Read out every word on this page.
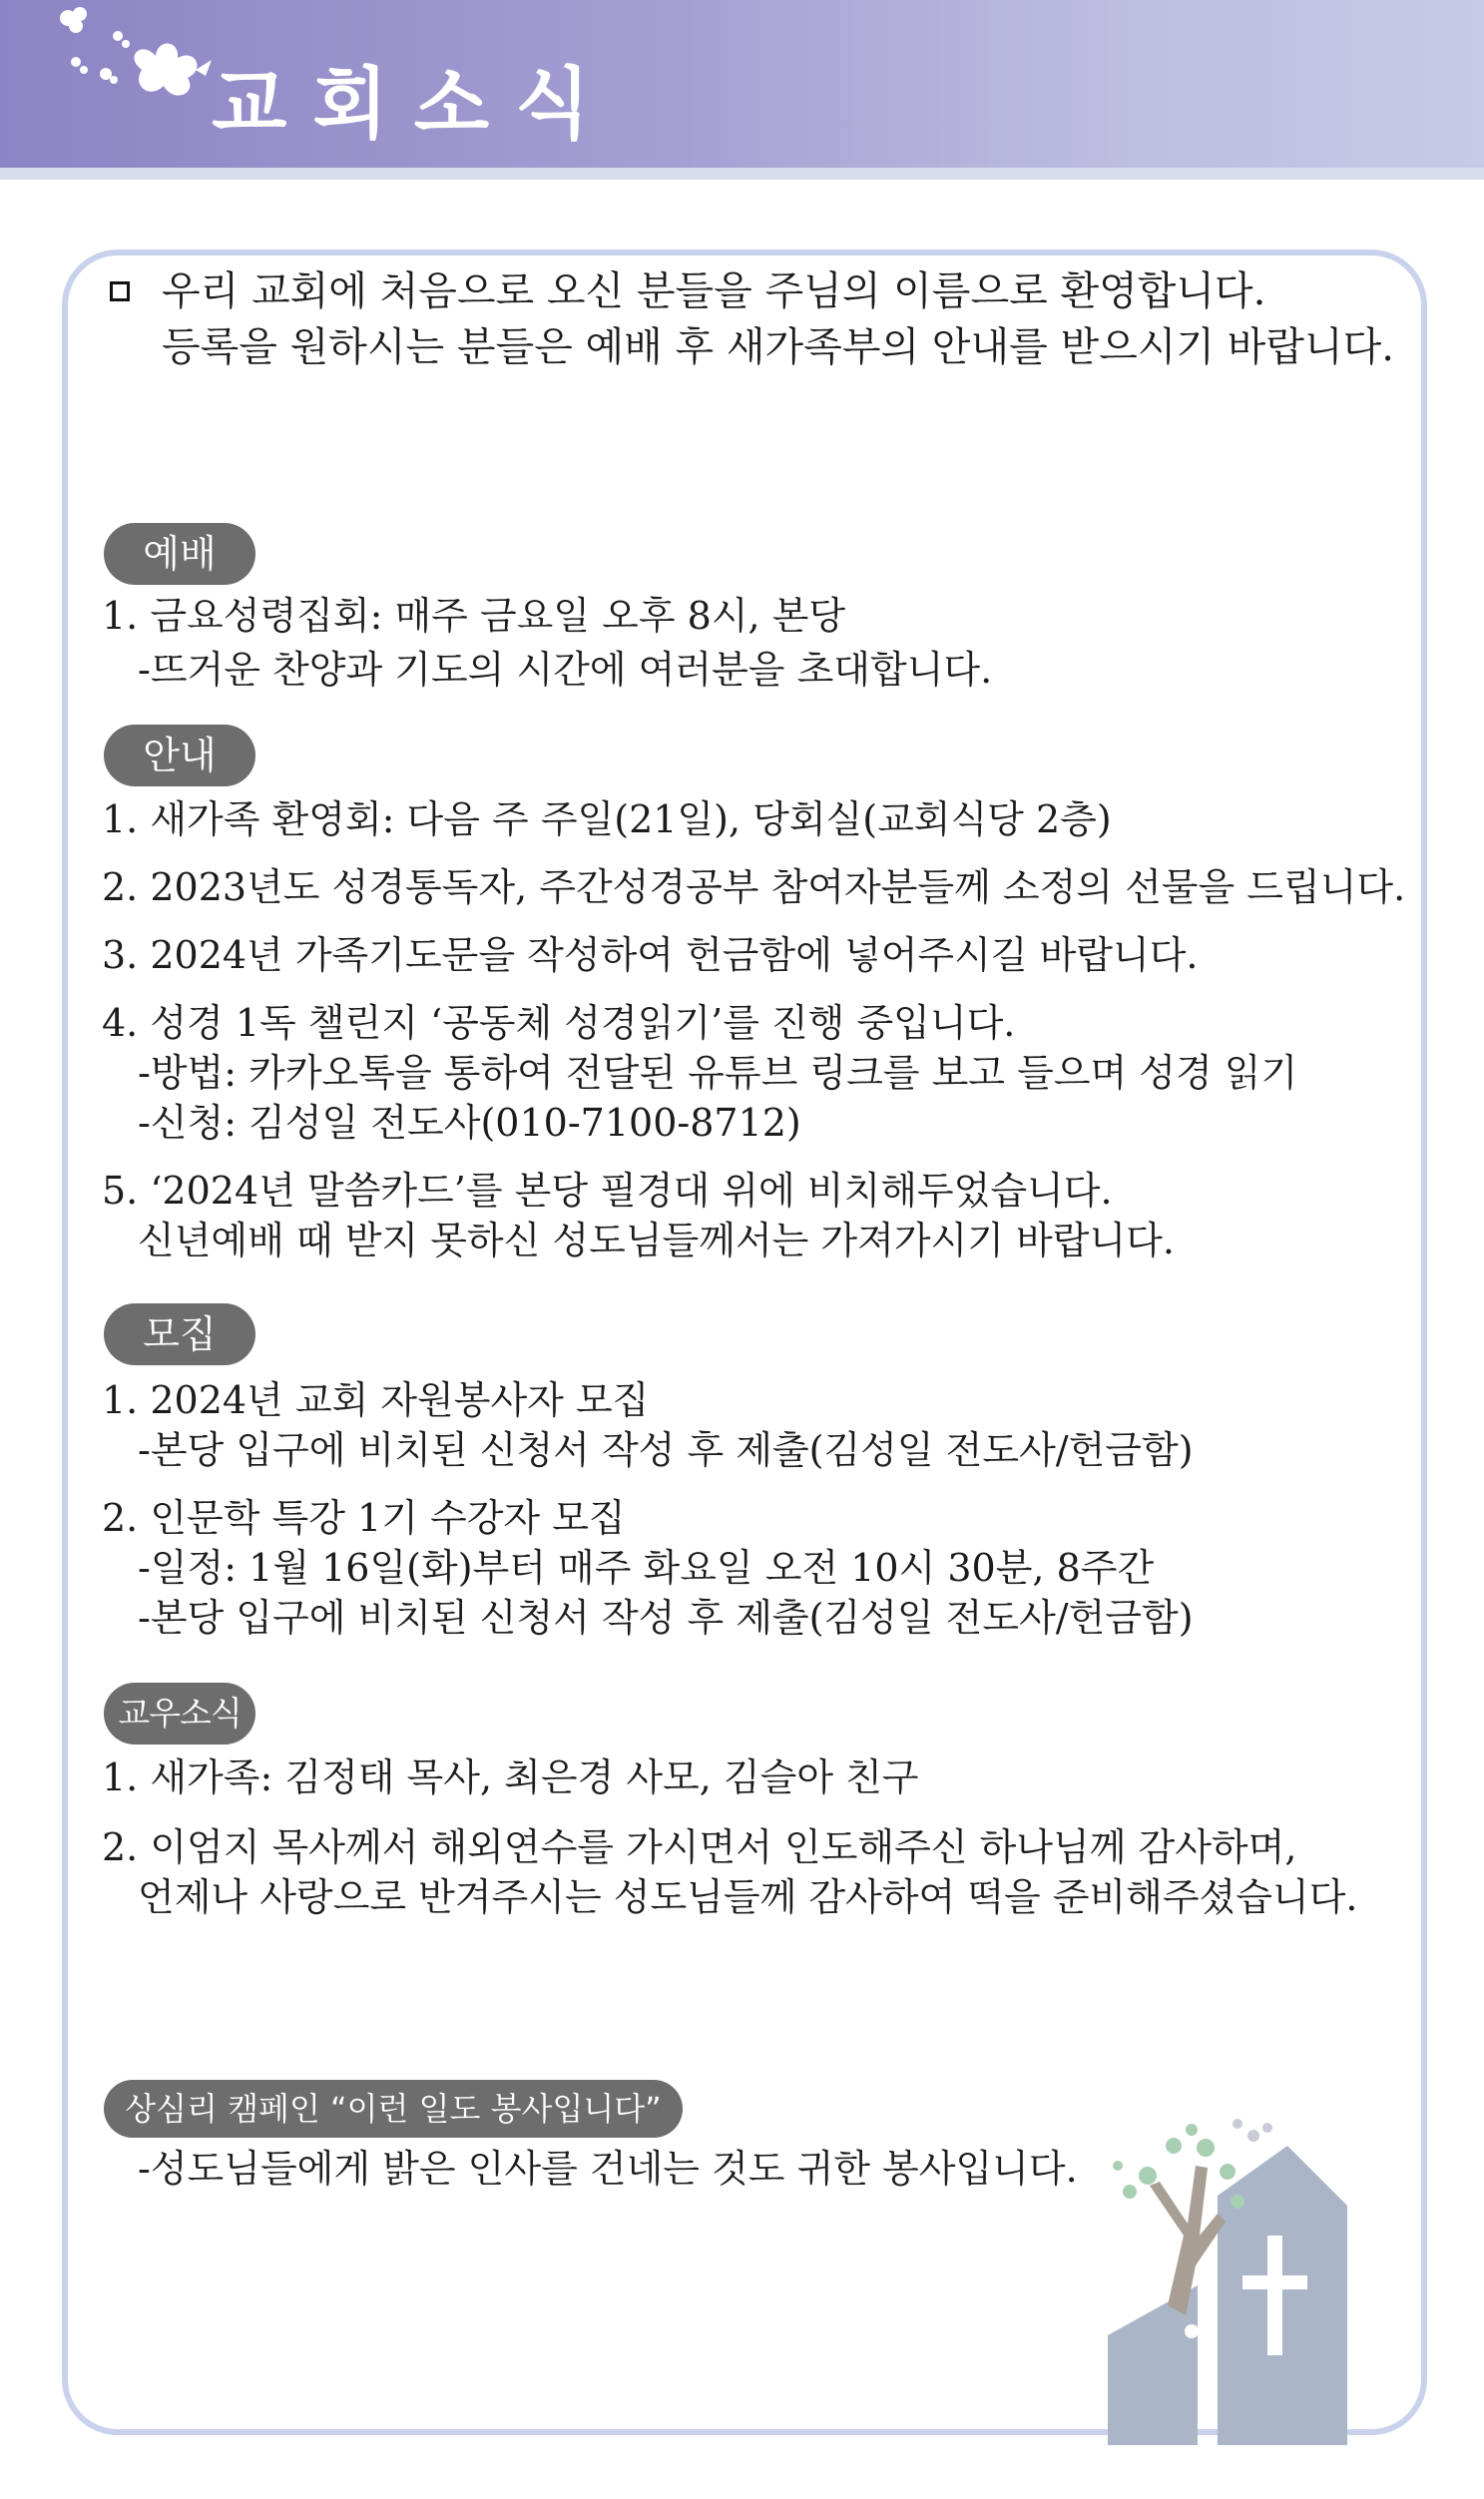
교회소식
우리 교회에 처음으로 오신 분들을 주님의 이름으로 환영합니다.
등록을 원하시는 분들은 예배 후 새가족부의 안내를 받으시기 바랍니다.
예배
1. 금요성령집회: 매주 금요일 오후 8시, 본당
-뜨거운 찬양과 기도의 시간에 여러분을 초대합니다.
안내
1. 새가족 환영회: 다음 주 주일(21일), 당회실(교회식당 2층)
2. 2023년도 성경통독자, 주간성경공부 참여자분들께 소정의 선물을 드립니다.
3. 2024년 가족기도문을 작성하여 헌금함에 넣어주시길 바랍니다.
4. 성경 1독 챌린지 ‘공동체 성경읽기’를 진행 중입니다.
-방법: 카카오톡을 통하여 전달된 유튜브 링크를 보고 들으며 성경 읽기
-신청: 김성일 전도사(010-7100-8712)
5. ‘2024년 말씀카드’를 본당 필경대 위에 비치해두었습니다.
신년예배 때 받지 못하신 성도님들께서는 가져가시기 바랍니다.
모집
1. 2024년 교회 자원봉사자 모집
-본당 입구에 비치된 신청서 작성 후 제출(김성일 전도사/헌금함)
2. 인문학 특강 1기 수강자 모집
-일정: 1월 16일(화)부터 매주 화요일 오전 10시 30분, 8주간
-본당 입구에 비치된 신청서 작성 후 제출(김성일 전도사/헌금함)
교우소식
1. 새가족: 김정태 목사, 최은경 사모, 김슬아 친구
2. 이엄지 목사께서 해외연수를 가시면서 인도해주신 하나님께 감사하며,
언제나 사랑으로 반겨주시는 성도님들께 감사하여 떡을 준비해주셨습니다.
상심리 캠페인 “이런 일도 봉사입니다”
-성도님들에게 밝은 인사를 건네는 것도 귀한 봉사입니다.
